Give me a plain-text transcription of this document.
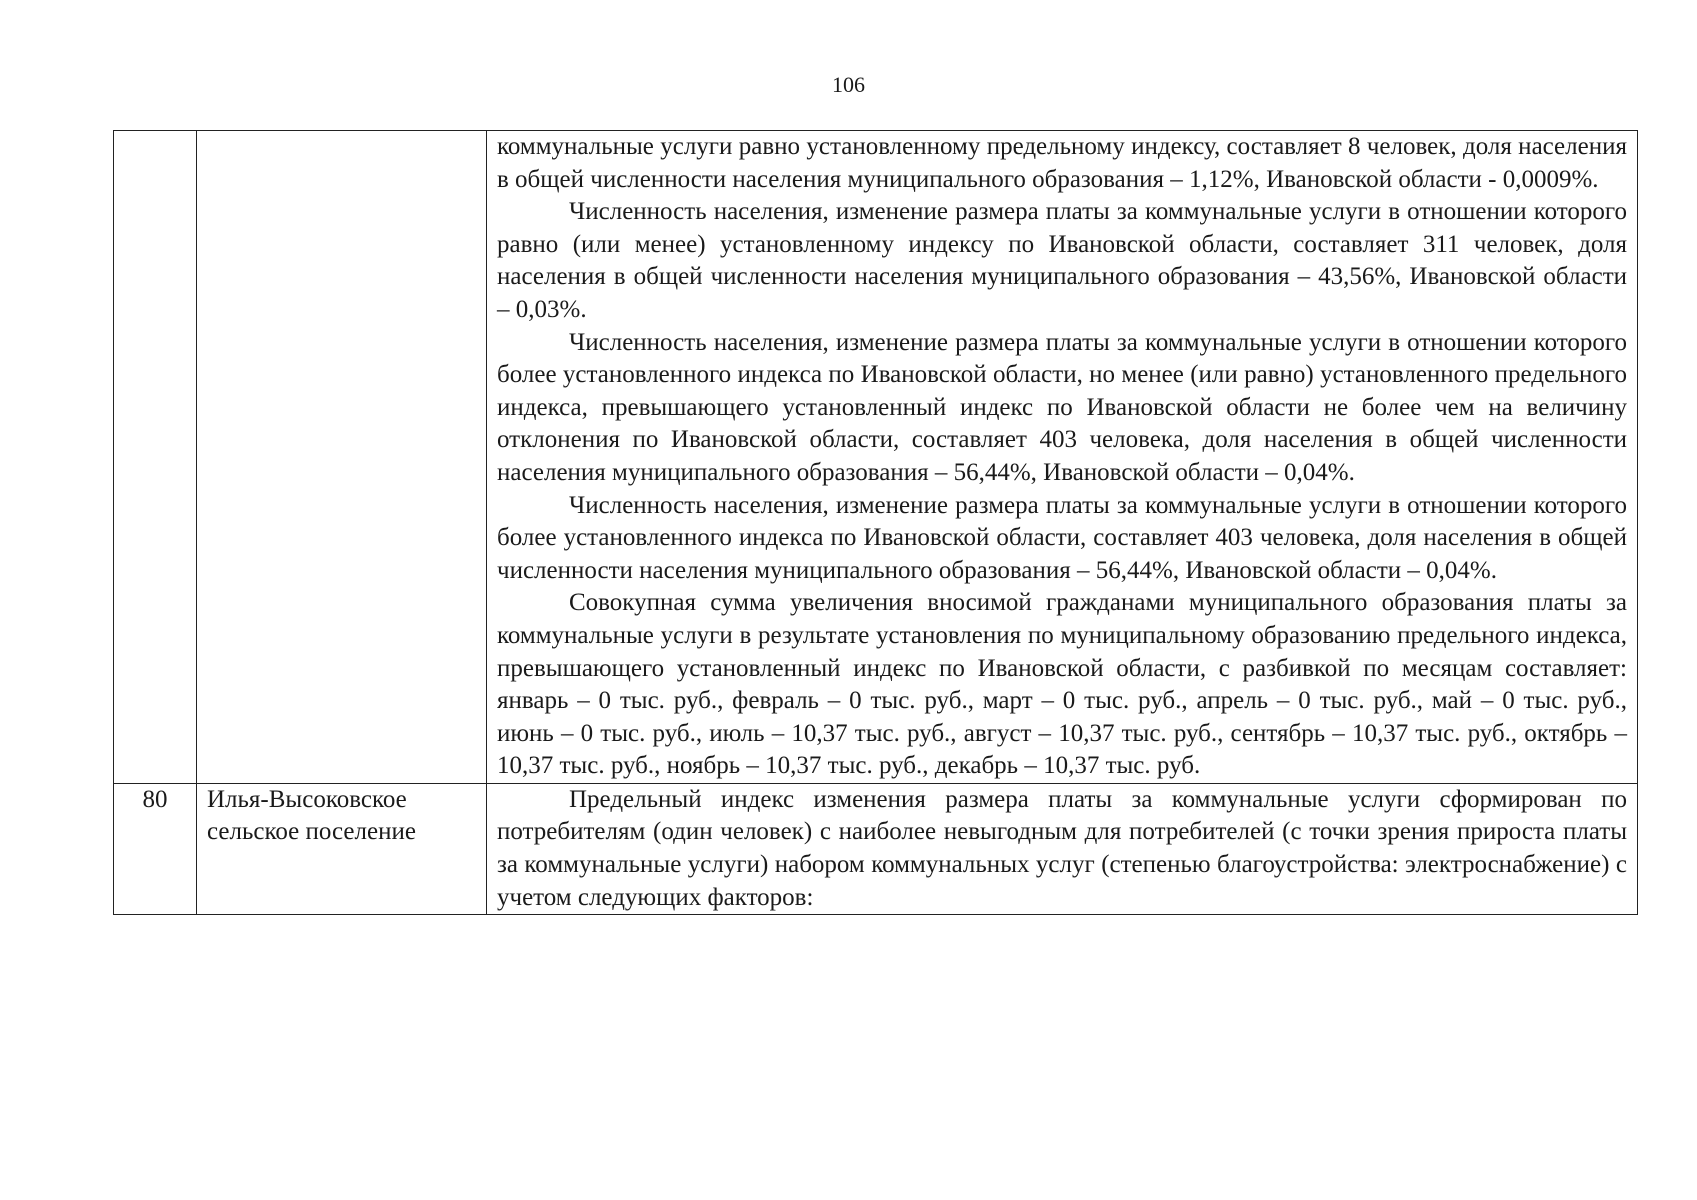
106

		коммунальные услуги равно установленному предельному индексу, составляет 8 человек, доля населения в общей численности населения муниципального образования – 1,12%, Ивановской области - 0,0009%.

Численность населения, изменение размера платы за коммунальные услуги в отношении которого равно (или менее) установленному индексу по Ивановской области, составляет 311 человек, доля населения в общей численности населения муниципального образования – 43,56%, Ивановской области – 0,03%.

Численность населения, изменение размера платы за коммунальные услуги в отношении которого более установленного индекса по Ивановской области, но менее (или равно) установленного предельного индекса, превышающего установленный индекс по Ивановской области не более чем на величину отклонения по Ивановской области, составляет 403 человека, доля населения в общей численности населения муниципального образования – 56,44%, Ивановской области – 0,04%.

Численность населения, изменение размера платы за коммунальные услуги в отношении которого более установленного индекса по Ивановской области, составляет 403 человека, доля населения в общей численности населения муниципального образования – 56,44%, Ивановской области – 0,04%.

Совокупная сумма увеличения вносимой гражданами муниципального образования платы за коммунальные услуги в результате установления по муниципальному образованию предельного индекса, превышающего установленный индекс по Ивановской области, с разбивкой по месяцам составляет: январь – 0 тыс. руб., февраль – 0 тыс. руб., март – 0 тыс. руб., апрель – 0 тыс. руб., май – 0 тыс. руб., июнь – 0 тыс. руб., июль – 10,37 тыс. руб., август – 10,37 тыс. руб., сентябрь – 10,37 тыс. руб., октябрь – 10,37 тыс. руб., ноябрь – 10,37 тыс. руб., декабрь – 10,37 тыс. руб.

80	Илья-Высоковское сельское поселение	Предельный индекс изменения размера платы за коммунальные услуги сформирован по потребителям (один человек) с наиболее невыгодным для потребителей (с точки зрения прироста платы за коммунальные услуги) набором коммунальных услуг (степенью благоустройства: электроснабжение) с учетом следующих факторов:
